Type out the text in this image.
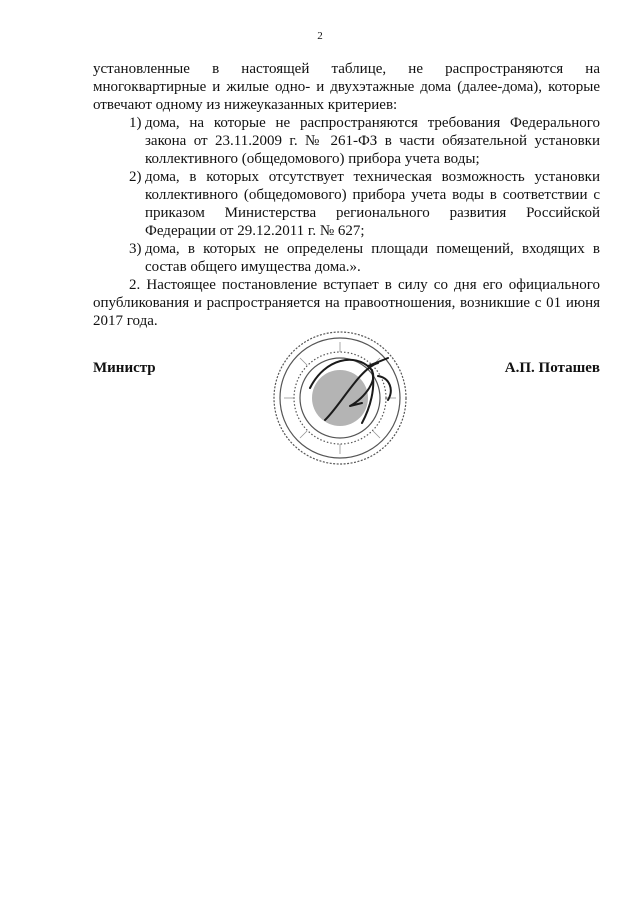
2

установленные в настоящей таблице, не распространяются на многоквартирные и жилые одно- и двухэтажные дома (далее-дома), которые отвечают одному из нижеуказанных критериев:

1) дома, на которые не распространяются требования Федерального закона от 23.11.2009 г. № 261-ФЗ в части обязательной установки коллективного (общедомового) прибора учета воды;
2) дома, в которых отсутствует техническая возможность установки коллективного (общедомового) прибора учета воды в соответствии с приказом Министерства регионального развития Российской Федерации от 29.12.2011 г. № 627;
3) дома, в которых не определены площади помещений, входящих в состав общего имущества дома.».

2. Настоящее постановление вступает в силу со дня его официального опубликования и распространяется на правоотношения, возникшие с 01 июня 2017 года.

Министр	А.П. Поташев
